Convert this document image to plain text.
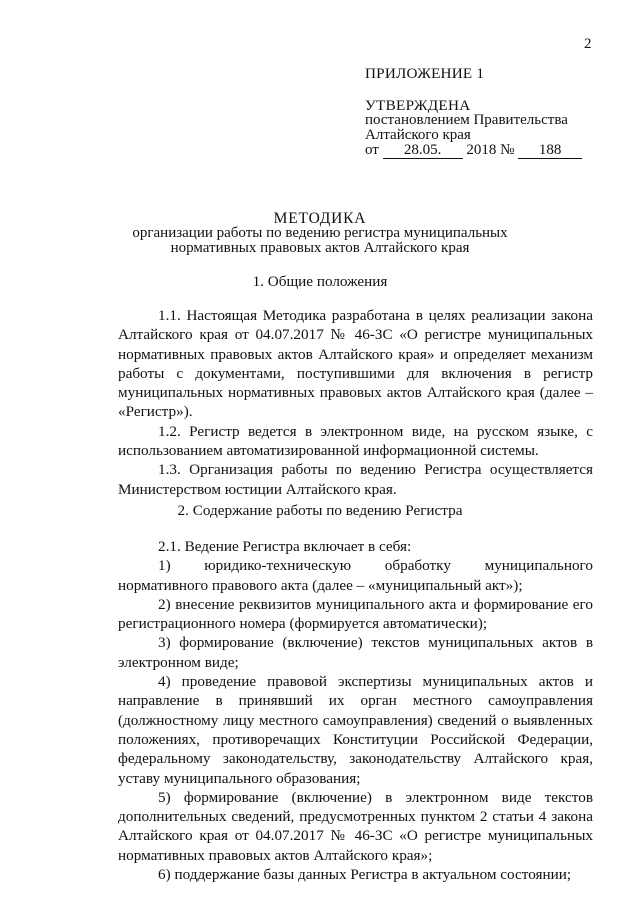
2
ПРИЛОЖЕНИЕ 1
УТВЕРЖДЕНА
постановлением Правительства
Алтайского края
от 28.05. 2018 № 188
МЕТОДИКА
организации работы по ведению регистра муниципальных
нормативных правовых актов Алтайского края
1. Общие положения

1.1. Настоящая Методика разработана в целях реализации закона Алтайского края от 04.07.2017 № 46-ЗС «О регистре муниципальных нормативных правовых актов Алтайского края» и определяет механизм работы с документами, поступившими для включения в регистр муниципальных нормативных правовых актов Алтайского края (далее – «Регистр»).

1.2. Регистр ведется в электронном виде, на русском языке, с использованием автоматизированной информационной системы.

1.3. Организация работы по ведению Регистра осуществляется Министерством юстиции Алтайского края.

2. Содержание работы по ведению Регистра

2.1. Ведение Регистра включает в себя:

1) юридико-техническую обработку муниципального нормативного правового акта (далее – «муниципальный акт»);

2) внесение реквизитов муниципального акта и формирование его регистрационного номера (формируется автоматически);

3) формирование (включение) текстов муниципальных актов в электронном виде;

4) проведение правовой экспертизы муниципальных актов и направление в принявший их орган местного самоуправления (должностному лицу местного самоуправления) сведений о выявленных положениях, противоречащих Конституции Российской Федерации, федеральному законодательству, законодательству Алтайского края, уставу муниципального образования;

5) формирование (включение) в электронном виде текстов дополнительных сведений, предусмотренных пунктом 2 статьи 4 закона Алтайского края от 04.07.2017 № 46-ЗС «О регистре муниципальных нормативных правовых актов Алтайского края»;

6) поддержание базы данных Регистра в актуальном состоянии;
